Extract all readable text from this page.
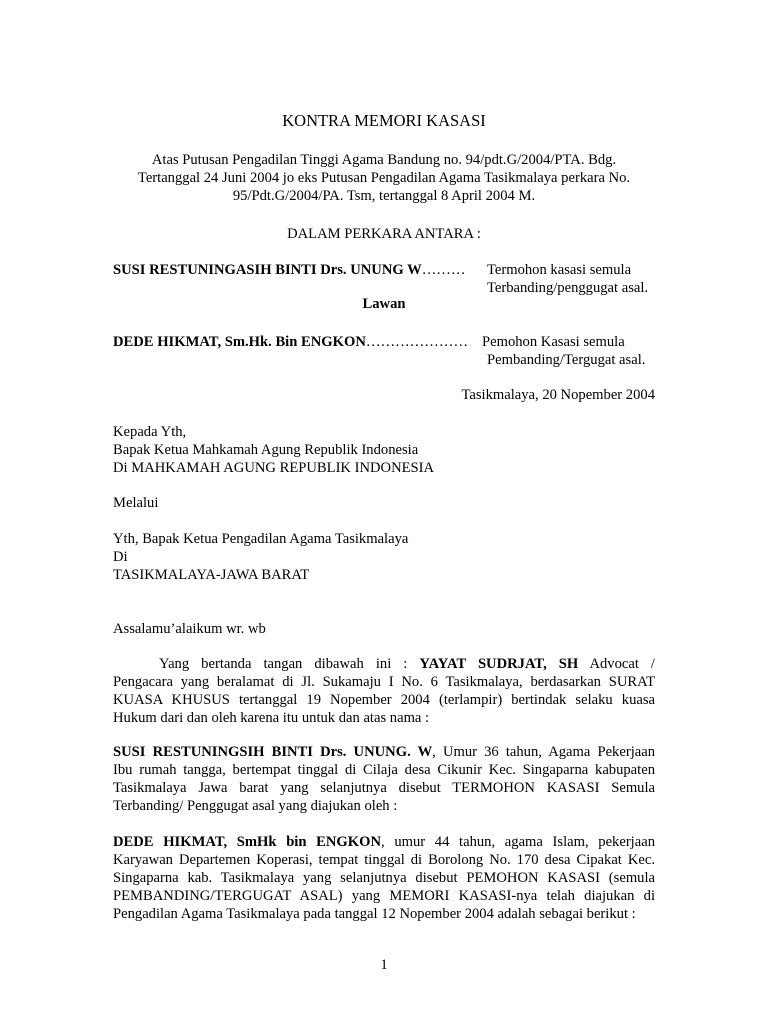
KONTRA MEMORI KASASI
Atas Putusan Pengadilan Tinggi Agama Bandung no. 94/pdt.G/2004/PTA. Bdg.
Tertanggal 24 Juni 2004 jo eks Putusan Pengadilan Agama Tasikmalaya perkara No.
95/Pdt.G/2004/PA. Tsm, tertanggal 8 April 2004 M.
DALAM PERKARA ANTARA :
SUSI RESTUNINGASIH BINTI Drs. UNUNG W……… Termohon kasasi semula
Terbanding/penggugat asal.
Lawan
DEDE HIKMAT, Sm.Hk. Bin ENGKON………………… Pemohon Kasasi semula
Pembanding/Tergugat asal.
Tasikmalaya, 20 Nopember 2004
Kepada Yth,
Bapak Ketua Mahkamah Agung Republik Indonesia
Di MAHKAMAH AGUNG REPUBLIK INDONESIA
Melalui
Yth, Bapak Ketua Pengadilan Agama Tasikmalaya
Di
TASIKMALAYA-JAWA BARAT
Assalamu’alaikum wr. wb
Yang bertanda tangan dibawah ini : YAYAT SUDRJAT, SH Advocat /
Pengacara yang beralamat di Jl. Sukamaju I No. 6 Tasikmalaya, berdasarkan SURAT
KUASA KHUSUS tertanggal 19 Nopember 2004 (terlampir) bertindak selaku kuasa
Hukum dari dan oleh karena itu untuk dan atas nama :
SUSI RESTUNINGSIH BINTI Drs. UNUNG. W, Umur 36 tahun, Agama Pekerjaan
Ibu rumah tangga, bertempat tinggal di Cilaja desa Cikunir Kec. Singaparna kabupaten
Tasikmalaya Jawa barat yang selanjutnya disebut TERMOHON KASASI Semula
Terbanding/ Penggugat asal yang diajukan oleh :
DEDE HIKMAT, SmHk bin ENGKON, umur 44 tahun, agama Islam, pekerjaan
Karyawan Departemen Koperasi, tempat tinggal di Borolong No. 170 desa Cipakat Kec.
Singaparna kab. Tasikmalaya yang selanjutnya disebut PEMOHON KASASI (semula
PEMBANDING/TERGUGAT ASAL) yang MEMORI KASASI-nya telah diajukan di
Pengadilan Agama Tasikmalaya pada tanggal 12 Nopember 2004 adalah sebagai berikut :
1
